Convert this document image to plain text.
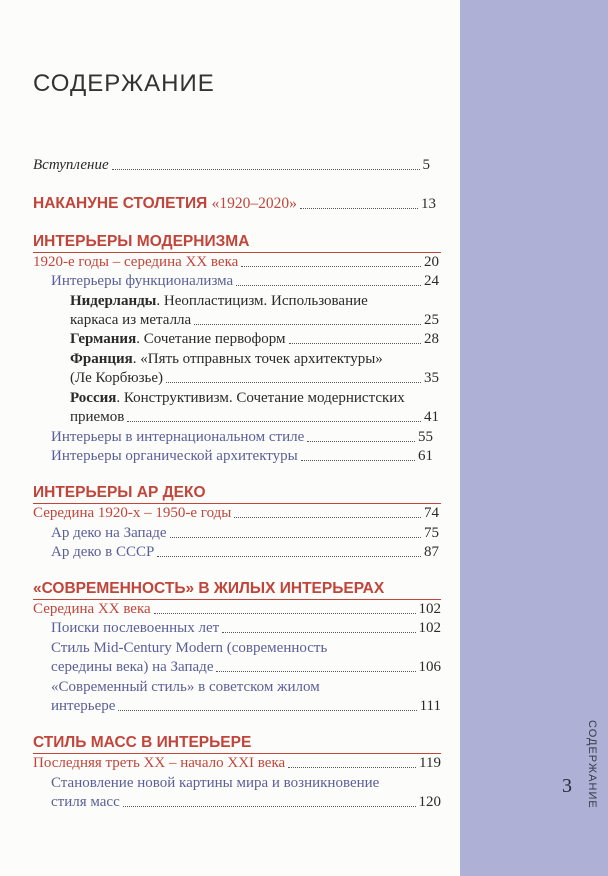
СОДЕРЖАНИЕ
3
СОДЕРЖАНИЕ
Вступление	5
НАКАНУНЕ СТОЛЕТИЯ «1920–2020»	13
ИНТЕРЬЕРЫ МОДЕРНИЗМА
1920-е годы – середина XX века	20
Интерьеры функционализма	24
Нидерланды. Неопластицизм. Использование
каркаса из металла	25
Германия. Сочетание первоформ	28
Франция. «Пять отправных точек архитектуры»
(Ле Корбюзье)	35
Россия. Конструктивизм. Сочетание модернистских
приемов	41
Интерьеры в интернациональном стиле	55
Интерьеры органической архитектуры	61
ИНТЕРЬЕРЫ АР ДЕКО
Середина 1920-х – 1950-е годы	74
Ар деко на Западе	75
Ар деко в СССР	87
«СОВРЕМЕННОСТЬ» В ЖИЛЫХ ИНТЕРЬЕРАХ
Середина XX века	102
Поиски послевоенных лет	102
Стиль Mid-Century Modern (современность
середины века) на Западе	106
«Современный стиль» в советском жилом
интерьере	111
СТИЛЬ МАСС В ИНТЕРЬЕРЕ
Последняя треть XX – начало XXI века	119
Становление новой картины мира и возникновение
стиля масс	120
